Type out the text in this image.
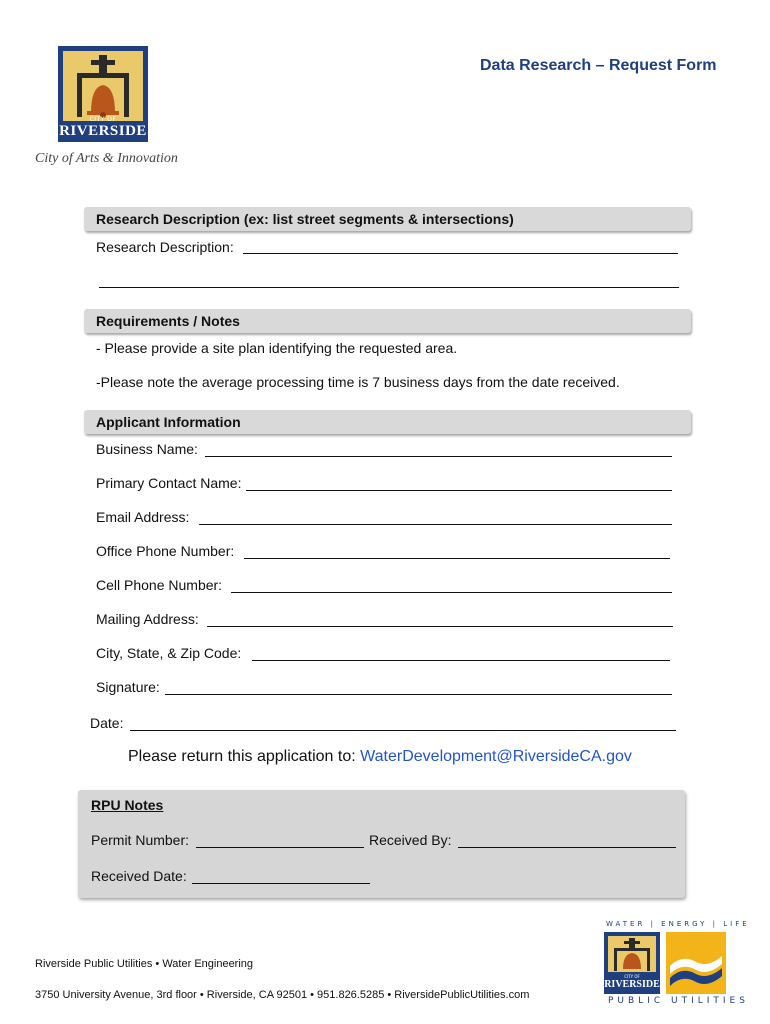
CITY OF
RIVERSIDE
City of Arts & Innovation
Data Research – Request Form
Research Description (ex: list street segments & intersections)
Research Description:
Requirements / Notes
- Please provide a site plan identifying the requested area.
-Please note the average processing time is 7 business days from the date received.
Applicant Information
Business Name:
Primary Contact Name:
Email Address:
Office Phone Number:
Cell Phone Number:
Mailing Address:
City, State, & Zip Code:
Signature:
Date:
Please return this application to: WaterDevelopment@RiversideCA.gov
RPU Notes
Permit Number:	Received By:
Received Date:
Riverside Public Utilities • Water Engineering
3750 University Avenue, 3rd floor • Riverside, CA 92501 • 951.826.5285 • RiversidePublicUtilities.com
WATER | ENERGY | LIFE
CITY OF
RIVERSIDE
PUBLIC UTILITIES
